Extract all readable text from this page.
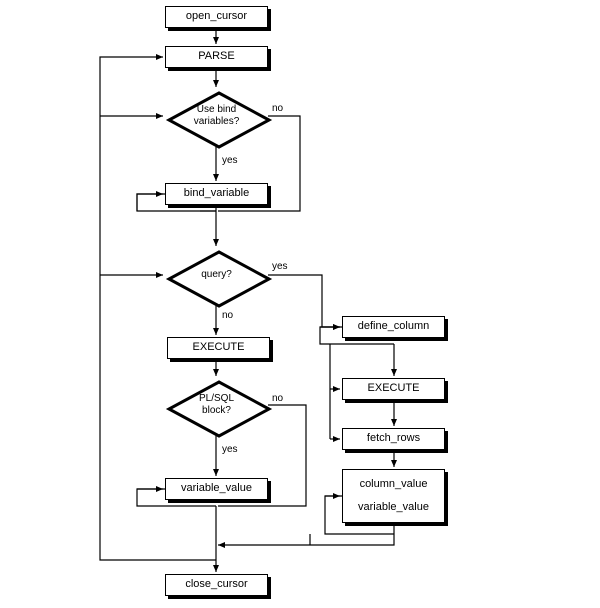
open_cursor
PARSE
Use bind
variables?
bind_variable
query?
EXECUTE
PL/SQL
block?
variable_value
define_column
EXECUTE
fetch_rows
column_value
variable_value
close_cursor
no
yes
yes
no
no
yes
